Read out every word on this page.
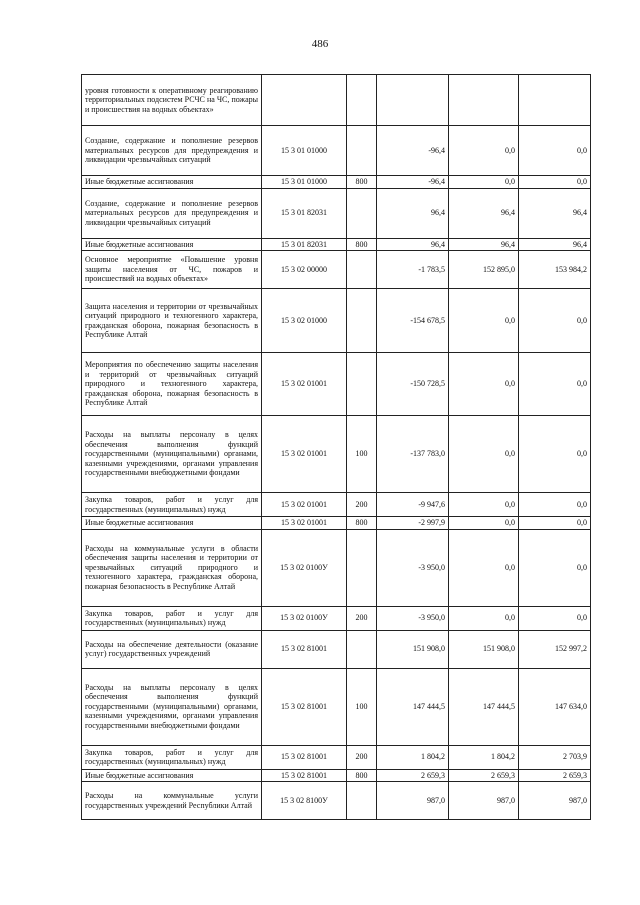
486
уровня готовности к оперативному реагированию территориальных подсистем РСЧС на ЧС, пожары и происшествия на водных объектах»					
Создание, содержание и пополнение резервов материальных ресурсов для предупреждения и ликвидации чрезвычайных ситуаций	15 3 01 01000		-96,4	0,0	0,0
Иные бюджетные ассигнования	15 3 01 01000	800	-96,4	0,0	0,0
Создание, содержание и пополнение резервов материальных ресурсов для предупреждения и ликвидации чрезвычайных ситуаций	15 3 01 82031		96,4	96,4	96,4
Иные бюджетные ассигнования	15 3 01 82031	800	96,4	96,4	96,4
Основное мероприятие «Повышение уровня защиты населения от ЧС, пожаров и происшествий на водных объектах»	15 3 02 00000		-1 783,5	152 895,0	153 984,2
Защита населения и территории от чрезвычайных ситуаций природного и техногенного характера, гражданская оборона, пожарная безопасность в Республике Алтай	15 3 02 01000		-154 678,5	0,0	0,0
Мероприятия по обеспечению защиты населения и территорий от чрезвычайных ситуаций природного и техногенного характера, гражданская оборона, пожарная безопасность в Республике Алтай	15 3 02 01001		-150 728,5	0,0	0,0
Расходы на выплаты персоналу в целях обеспечения выполнения функций государственными (муниципальными) органами, казенными учреждениями, органами управления государственными внебюджетными фондами	15 3 02 01001	100	-137 783,0	0,0	0,0
Закупка товаров, работ и услуг для государственных (муниципальных) нужд	15 3 02 01001	200	-9 947,6	0,0	0,0
Иные бюджетные ассигнования	15 3 02 01001	800	-2 997,9	0,0	0,0
Расходы на коммунальные услуги в области обеспечения защиты населения и территории от чрезвычайных ситуаций природного и техногенного характера, гражданская оборона, пожарная безопасность в Республике Алтай	15 3 02 0100У		-3 950,0	0,0	0,0
Закупка товаров, работ и услуг для государственных (муниципальных) нужд	15 3 02 0100У	200	-3 950,0	0,0	0,0
Расходы на обеспечение деятельности (оказание услуг) государственных учреждений	15 3 02 81001		151 908,0	151 908,0	152 997,2
Расходы на выплаты персоналу в целях обеспечения выполнения функций государственными (муниципальными) органами, казенными учреждениями, органами управления государственными внебюджетными фондами	15 3 02 81001	100	147 444,5	147 444,5	147 634,0
Закупка товаров, работ и услуг для государственных (муниципальных) нужд	15 3 02 81001	200	1 804,2	1 804,2	2 703,9
Иные бюджетные ассигнования	15 3 02 81001	800	2 659,3	2 659,3	2 659,3
Расходы на коммунальные услуги государственных учреждений Республики Алтай	15 3 02 8100У		987,0	987,0	987,0
